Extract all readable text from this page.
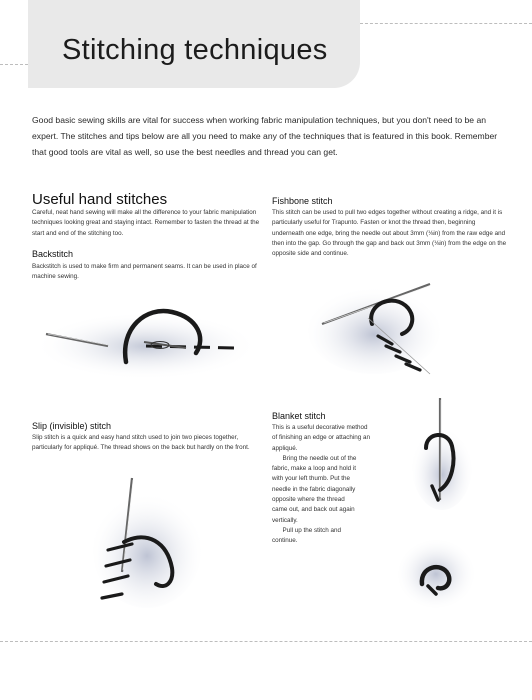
Stitching techniques

Good basic sewing skills are vital for success when working fabric manipulation techniques, but you don't need to be an expert. The stitches and tips below are all you need to make any of the techniques that is featured in this book. Remember that good tools are vital as well, so use the best needles and thread you can get.

Useful hand stitches

Careful, neat hand sewing will make all the difference to your fabric manipulation techniques looking great and staying intact. Remember to fasten the thread at the start and end of the stitching too.

Backstitch

Backstitch is used to make firm and permanent seams. It can be used in place of machine sewing.

Slip (invisible) stitch

Slip stitch is a quick and easy hand stitch used to join two pieces together, particularly for appliqué. The thread shows on the back but hardly on the front.

Fishbone stitch

This stitch can be used to pull two edges together without creating a ridge, and it is particularly useful for Trapunto. Fasten or knot the thread then, beginning underneath one edge, bring the needle out about 3mm (⅛in) from the raw edge and then into the gap. Go through the gap and back out 3mm (⅛in) from the edge on the opposite side and continue.

Blanket stitch
This is a useful decorative method
of finishing an edge or attaching an
appliqué.
Bring the needle out of the
fabric, make a loop and hold it
with your left thumb. Put the
needle in the fabric diagonally
opposite where the thread
came out, and back out again
vertically.
Pull up the stitch and
continue.
